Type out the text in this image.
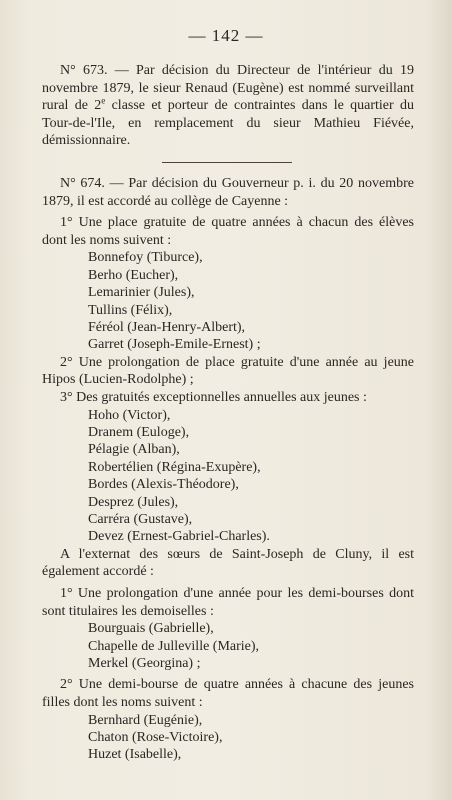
— 142 —

N° 673. — Par décision du Directeur de l'intérieur du 19 novembre 1879, le sieur Renaud (Eugène) est nommé surveillant rural de 2e classe et porteur de contraintes dans le quartier du Tour-de-l'Ile, en remplacement du sieur Mathieu Fiévée, démissionnaire.

N° 674. — Par décision du Gouverneur p. i. du 20 novembre 1879, il est accordé au collège de Cayenne :

1° Une place gratuite de quatre années à chacun des élèves dont les noms suivent :

Bonnefoy (Tiburce),
Berho (Eucher),
Lemarinier (Jules),
Tullins (Félix),
Féréol (Jean-Henry-Albert),
Garret (Joseph-Emile-Ernest) ;

2° Une prolongation de place gratuite d'une année au jeune Hipos (Lucien-Rodolphe) ;

3° Des gratuités exceptionnelles annuelles aux jeunes :

Hoho (Victor),
Dranem (Euloge),
Pélagie (Alban),
Robertélien (Régina-Exupère),
Bordes (Alexis-Théodore),
Desprez (Jules),
Carréra (Gustave),
Devez (Ernest-Gabriel-Charles).

A l'externat des sœurs de Saint-Joseph de Cluny, il est également accordé :

1° Une prolongation d'une année pour les demi-bourses dont sont titulaires les demoiselles :

Bourguais (Gabrielle),
Chapelle de Julleville (Marie),
Merkel (Georgina) ;

2° Une demi-bourse de quatre années à chacune des jeunes filles dont les noms suivent :

Bernhard (Eugénie),
Chaton (Rose-Victoire),
Huzet (Isabelle),
